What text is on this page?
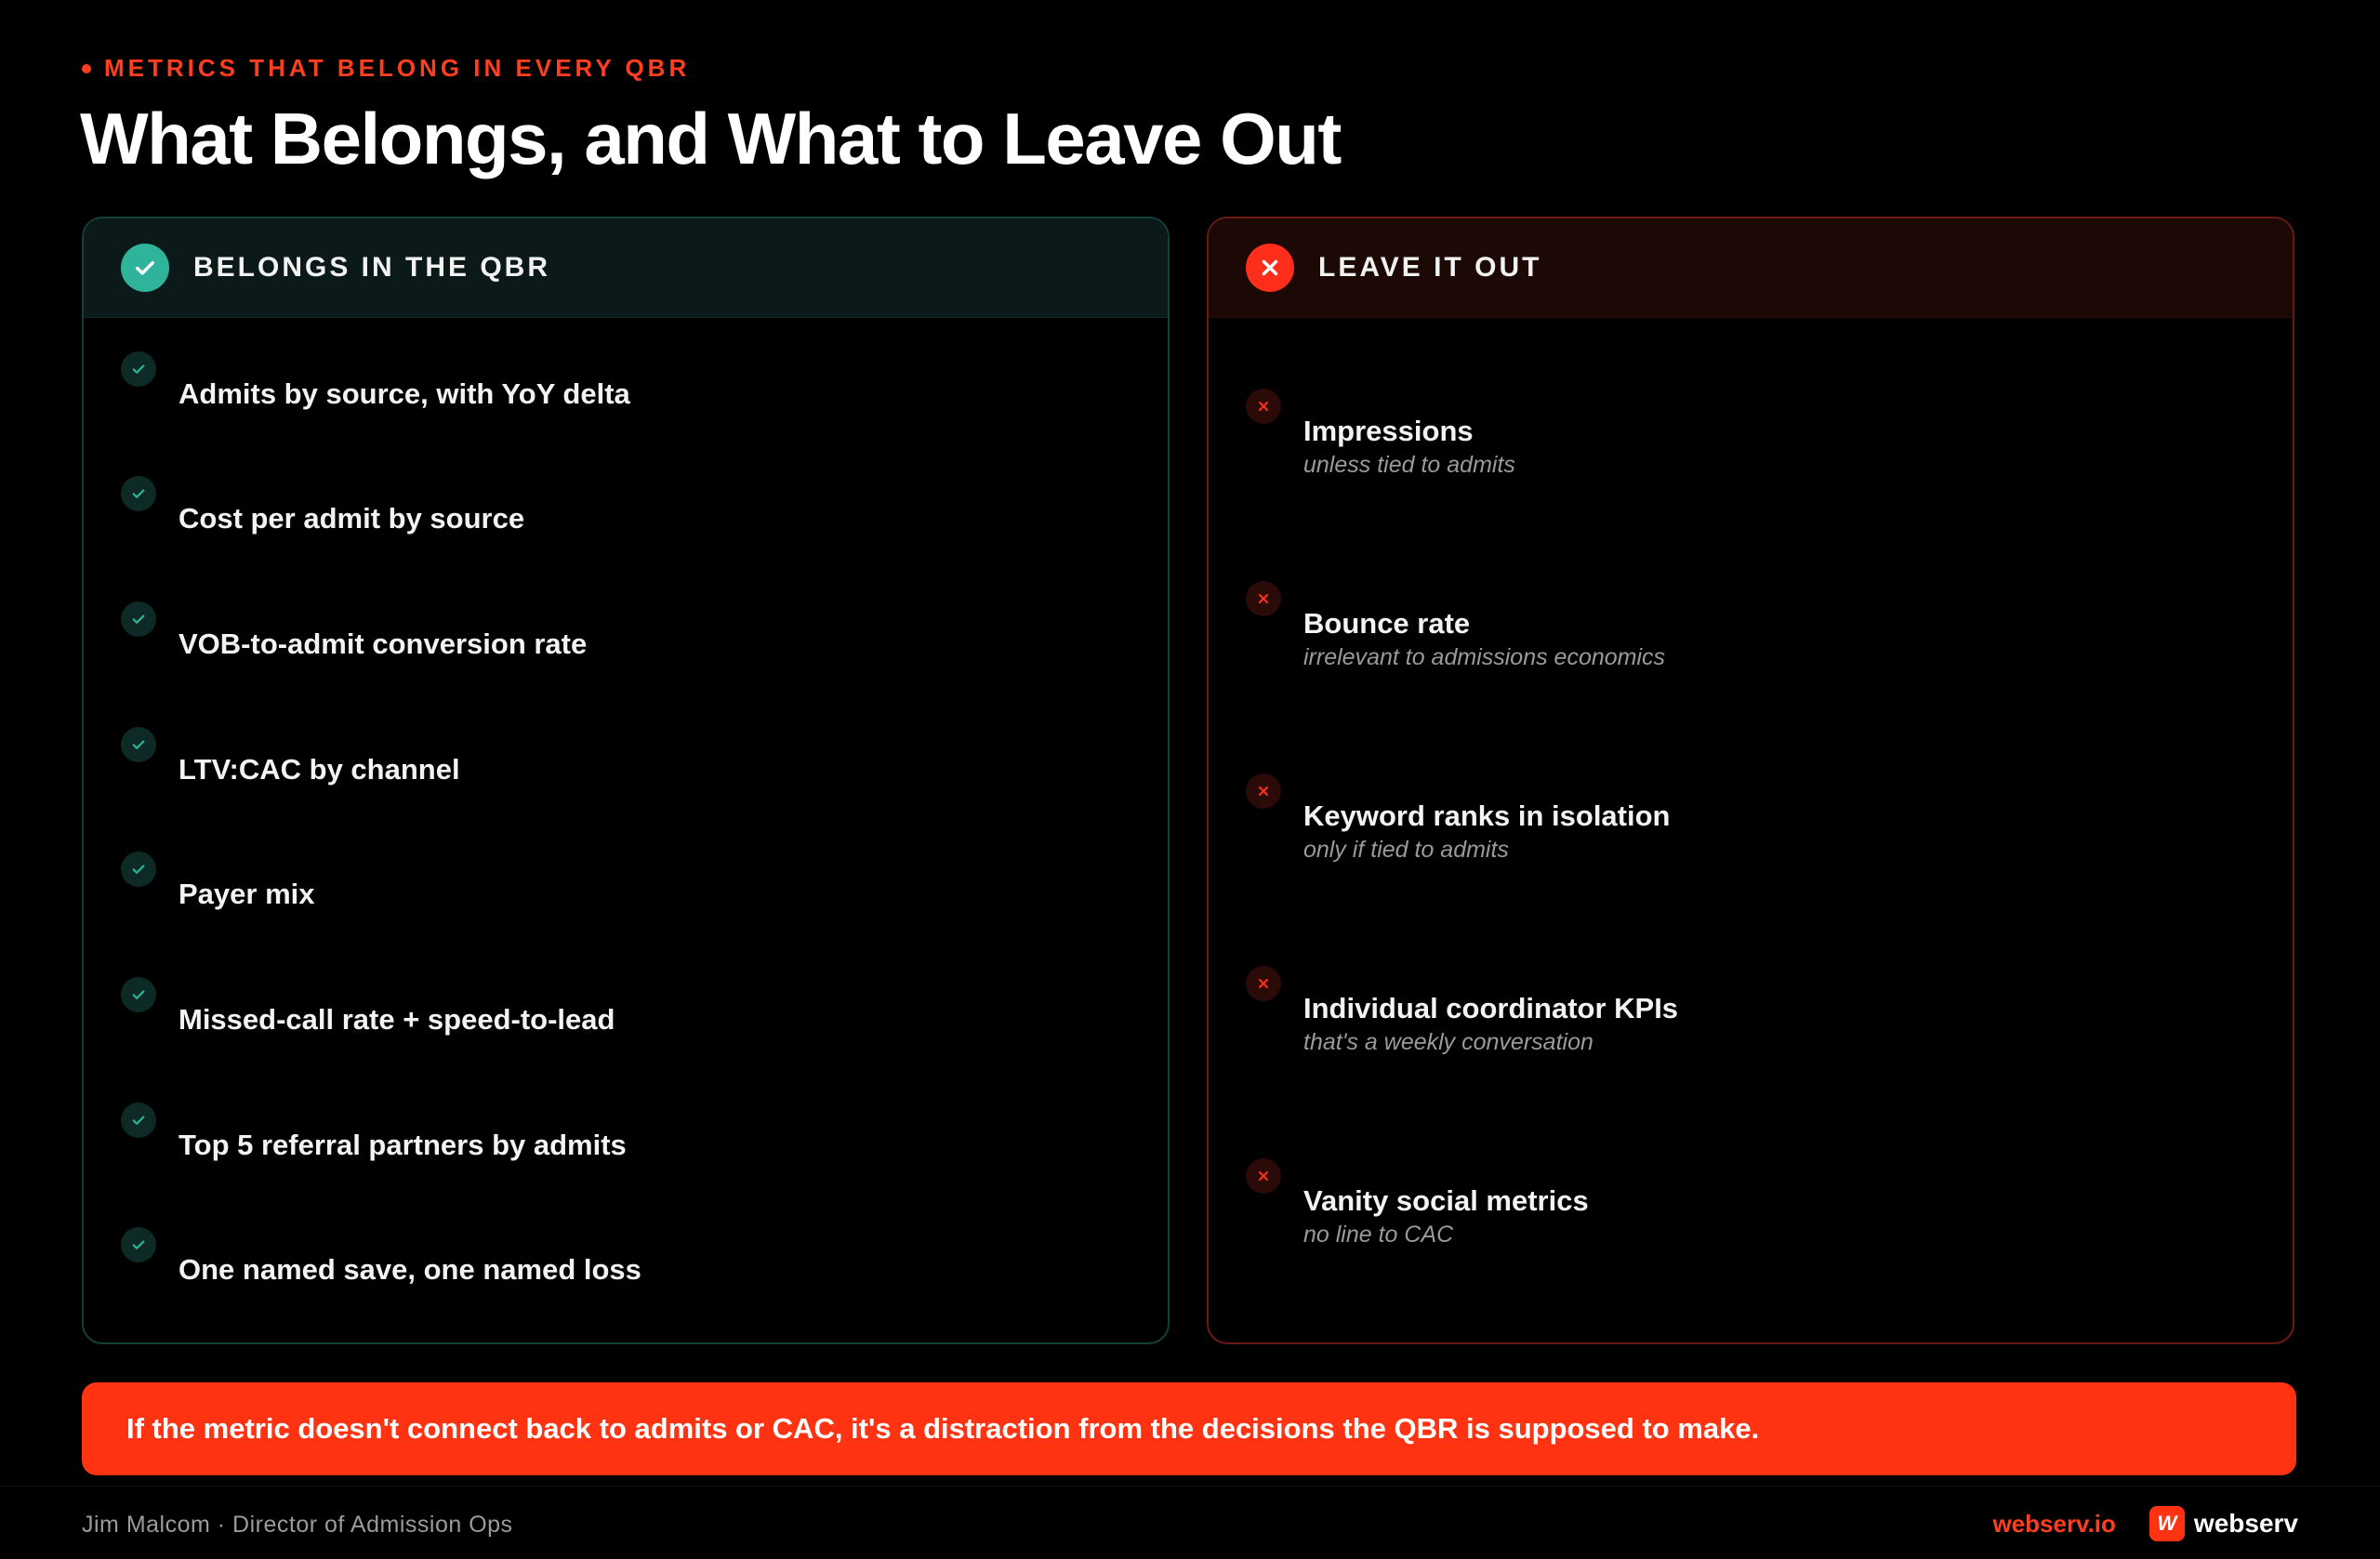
METRICS THAT BELONG IN EVERY QBR
What Belongs, and What to Leave Out
BELONGS IN THE QBR
Admits by source, with YoY delta
Cost per admit by source
VOB-to-admit conversion rate
LTV:CAC by channel
Payer mix
Missed-call rate + speed-to-lead
Top 5 referral partners by admits
One named save, one named loss
LEAVE IT OUT
Impressions
unless tied to admits
Bounce rate
irrelevant to admissions economics
Keyword ranks in isolation
only if tied to admits
Individual coordinator KPIs
that's a weekly conversation
Vanity social metrics
no line to CAC
If the metric doesn't connect back to admits or CAC, it's a distraction from the decisions the QBR is supposed to make.
Jim Malcom · Director of Admission Ops	webserv.io	W webserv
